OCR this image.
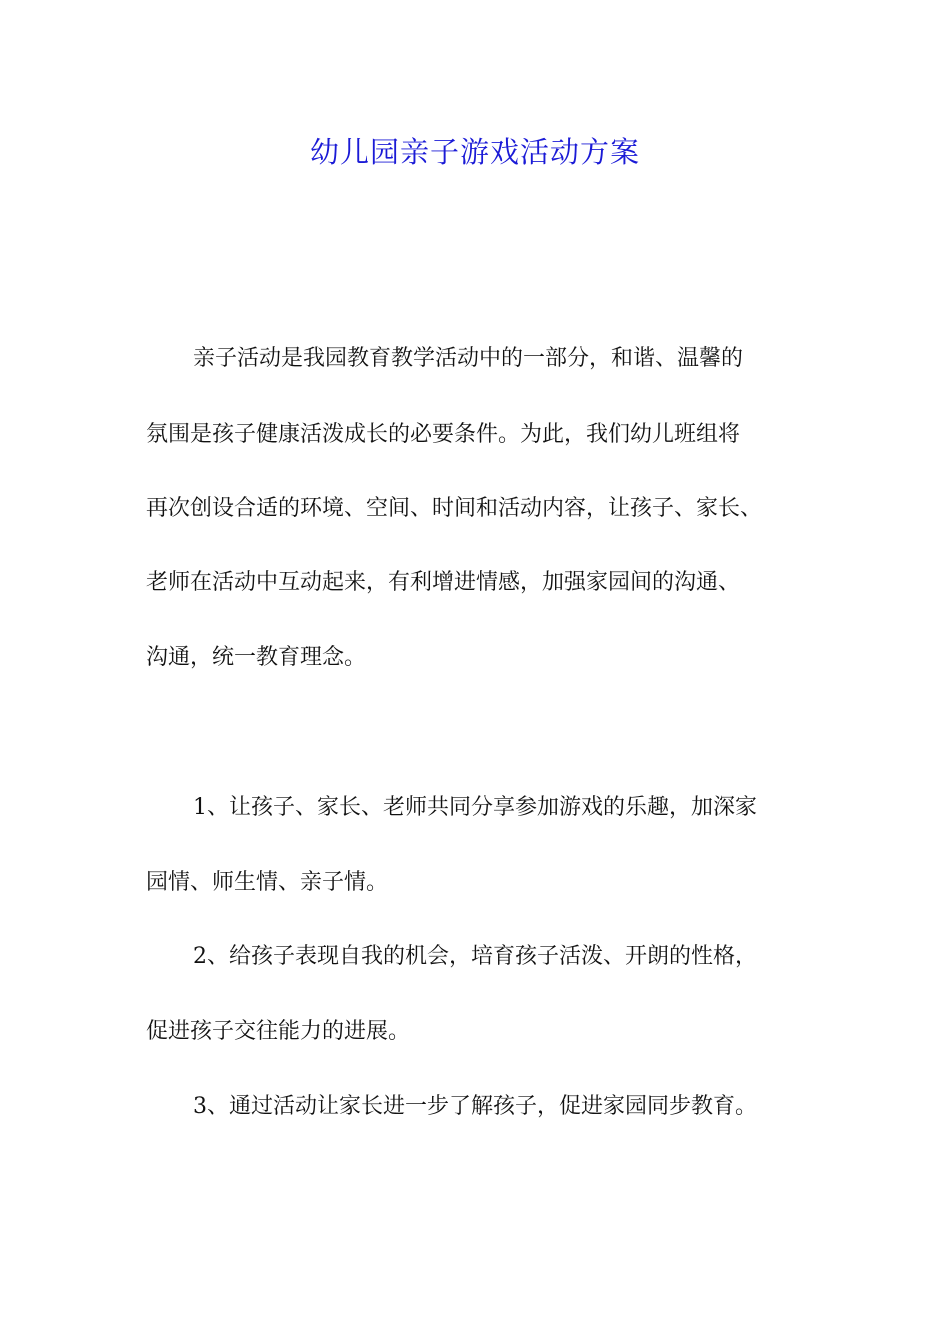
幼儿园亲子游戏活动方案
亲子活动是我园教育教学活动中的一部分，和谐、温馨的
氛围是孩子健康活泼成长的必要条件。为此，我们幼儿班组将
再次创设合适的环境、空间、时间和活动内容，让孩子、家长、
老师在活动中互动起来，有利增进情感，加强家园间的沟通、
沟通，统一教育理念。
1、让孩子、家长、老师共同分享参加游戏的乐趣，加深家
园情、师生情、亲子情。
2、给孩子表现自我的机会，培育孩子活泼、开朗的性格，
促进孩子交往能力的进展。
3、通过活动让家长进一步了解孩子，促进家园同步教育。
